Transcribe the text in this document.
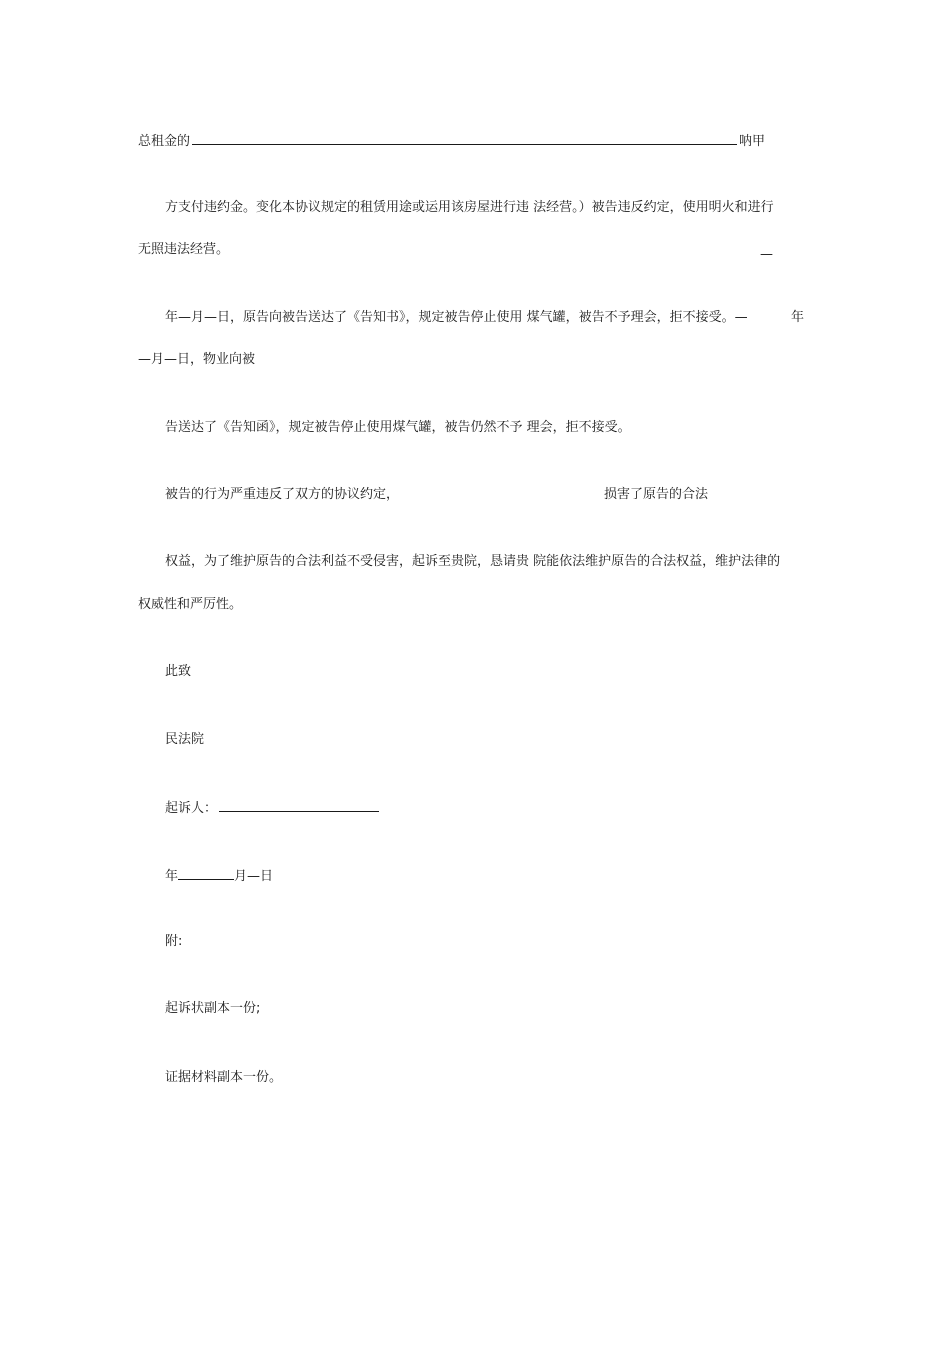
总租金的	呐甲
方支付违约金。变化本协议规定的租赁用途或运用该房屋进行违 法经营。）被告违反约定，使用明火和进行
无照违法经营。	—
年—月—日，原告向被告送达了《告知书》，规定被告停止使用 煤气罐，被告不予理会，拒不接受。—	年
—月—日，物业向被
告送达了《告知函》，规定被告停止使用煤气罐，被告仍然不予 理会，拒不接受。
被告的行为严重违反了双方的协议约定，	损害了原告的合法
权益，为了维护原告的合法利益不受侵害，起诉至贵院，恳请贵 院能依法维护原告的合法权益，维护法律的
权威性和严厉性。
此致
民法院
起诉人：
年	月—日
附:
起诉状副本一份;
证据材料副本一份。
